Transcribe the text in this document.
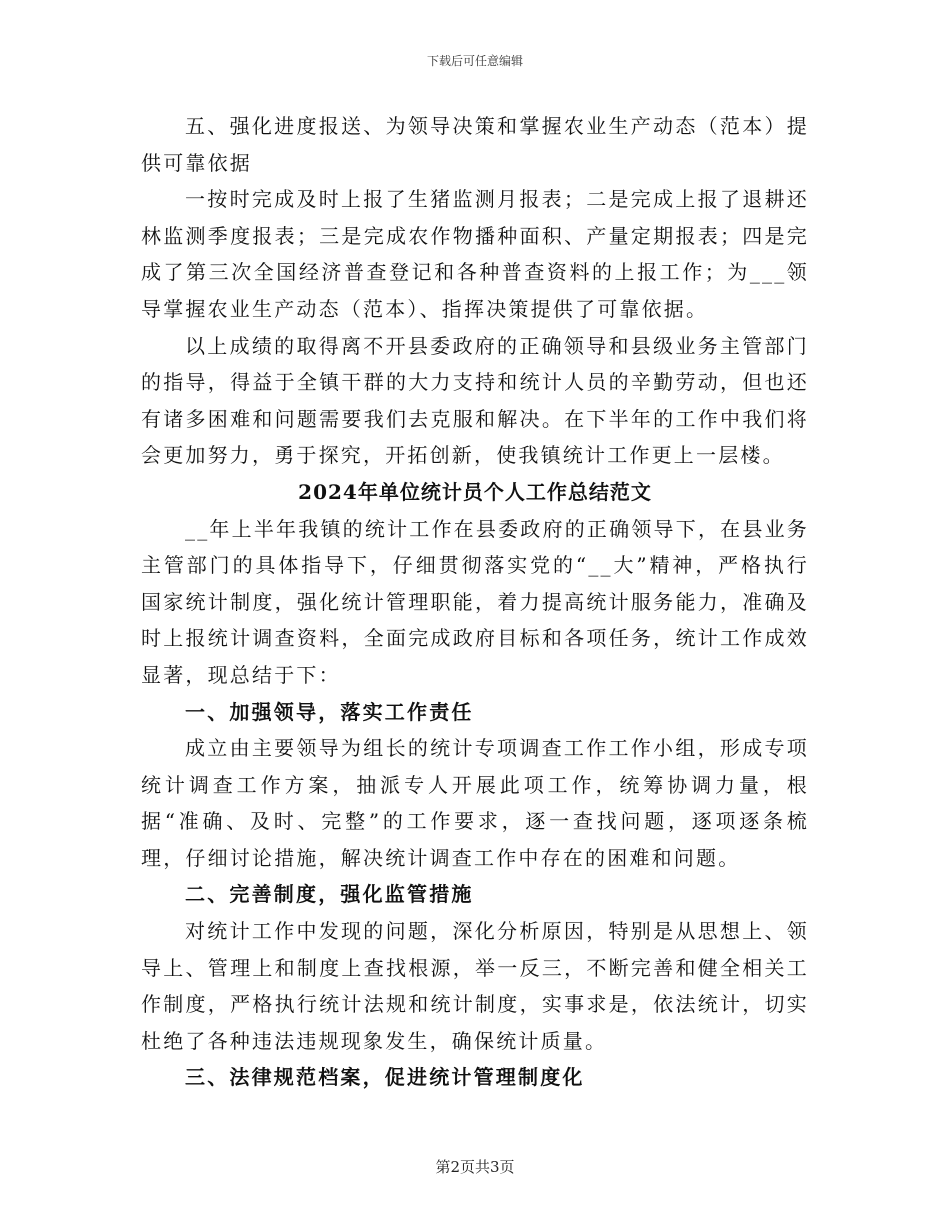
下载后可任意编辑

五、强化进度报送、为领导决策和掌握农业生产动态（范本）提供可靠依据

一按时完成及时上报了生猪监测月报表；二是完成上报了退耕还林监测季度报表；三是完成农作物播种面积、产量定期报表；四是完成了第三次全国经济普查登记和各种普查资料的上报工作；为___领导掌握农业生产动态（范本）、指挥决策提供了可靠依据。

以上成绩的取得离不开县委政府的正确领导和县级业务主管部门的指导，得益于全镇干群的大力支持和统计人员的辛勤劳动，但也还有诸多困难和问题需要我们去克服和解决。在下半年的工作中我们将会更加努力，勇于探究，开拓创新，使我镇统计工作更上一层楼。

2024年单位统计员个人工作总结范文

__年上半年我镇的统计工作在县委政府的正确领导下，在县业务主管部门的具体指导下，仔细贯彻落实党的“__大”精神，严格执行国家统计制度，强化统计管理职能，着力提高统计服务能力，准确及时上报统计调查资料，全面完成政府目标和各项任务，统计工作成效显著，现总结于下：

一、加强领导，落实工作责任

成立由主要领导为组长的统计专项调查工作工作小组，形成专项统计调查工作方案，抽派专人开展此项工作，统筹协调力量，根据“准确、及时、完整”的工作要求，逐一查找问题，逐项逐条梳理，仔细讨论措施，解决统计调查工作中存在的困难和问题。

二、完善制度，强化监管措施

对统计工作中发现的问题，深化分析原因，特别是从思想上、领导上、管理上和制度上查找根源，举一反三，不断完善和健全相关工作制度，严格执行统计法规和统计制度，实事求是，依法统计，切实杜绝了各种违法违规现象发生，确保统计质量。

三、法律规范档案，促进统计管理制度化

第2页共3页
